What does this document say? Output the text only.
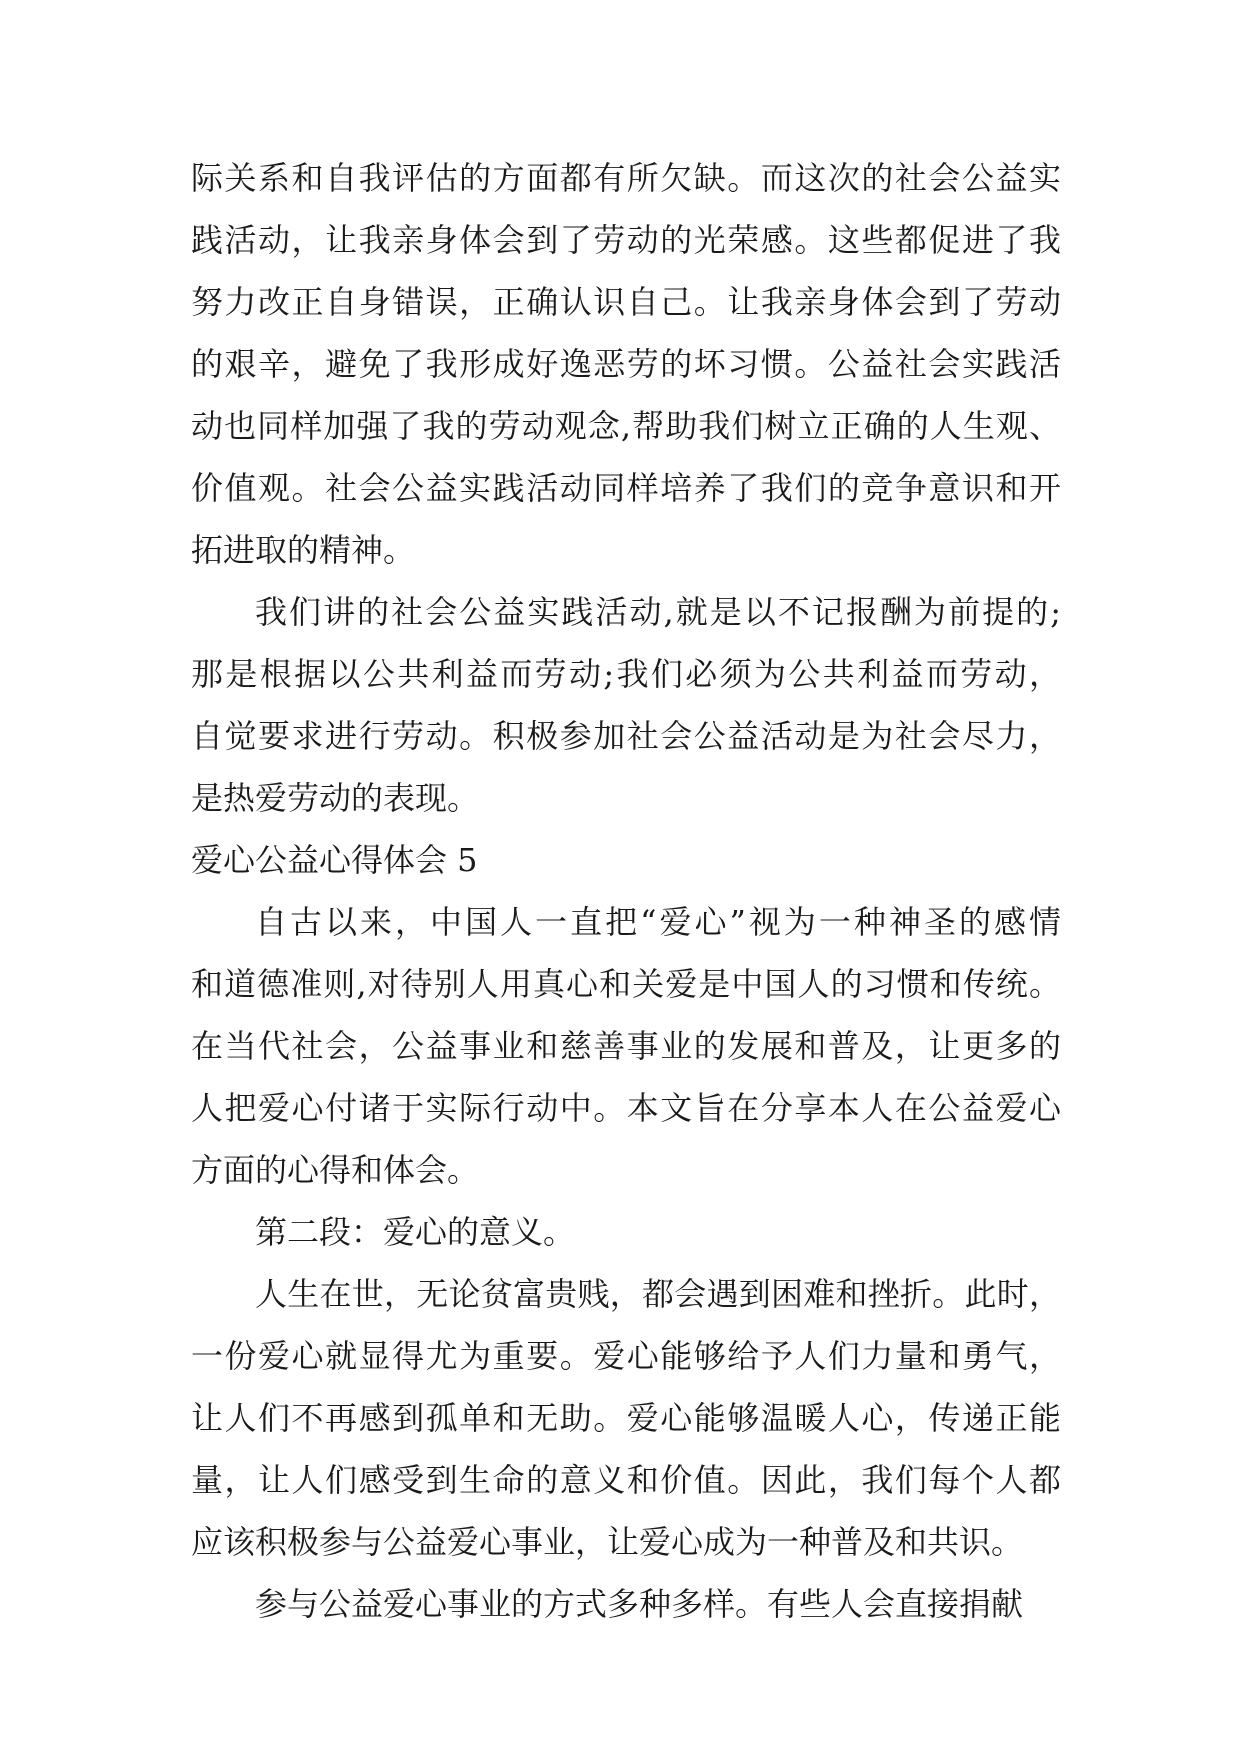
际关系和自我评估的方面都有所欠缺。而这次的社会公益实
践活动，让我亲身体会到了劳动的光荣感。这些都促进了我
努力改正自身错误，正确认识自己。让我亲身体会到了劳动
的艰辛，避免了我形成好逸恶劳的坏习惯。公益社会实践活
动也同样加强了我的劳动观念,帮助我们树立正确的人生观、
价值观。社会公益实践活动同样培养了我们的竞争意识和开
拓进取的精神。
我们讲的社会公益实践活动,就是以不记报酬为前提的;
那是根据以公共利益而劳动;我们必须为公共利益而劳动，
自觉要求进行劳动。积极参加社会公益活动是为社会尽力，
是热爱劳动的表现。
爱心公益心得体会 5
自古以来，中国人一直把“爱心”视为一种神圣的感情
和道德准则,对待别人用真心和关爱是中国人的习惯和传统。
在当代社会，公益事业和慈善事业的发展和普及，让更多的
人把爱心付诸于实际行动中。本文旨在分享本人在公益爱心
方面的心得和体会。
第二段：爱心的意义。
人生在世，无论贫富贵贱，都会遇到困难和挫折。此时，
一份爱心就显得尤为重要。爱心能够给予人们力量和勇气，
让人们不再感到孤单和无助。爱心能够温暖人心，传递正能
量，让人们感受到生命的意义和价值。因此，我们每个人都
应该积极参与公益爱心事业，让爱心成为一种普及和共识。
参与公益爱心事业的方式多种多样。有些人会直接捐献
